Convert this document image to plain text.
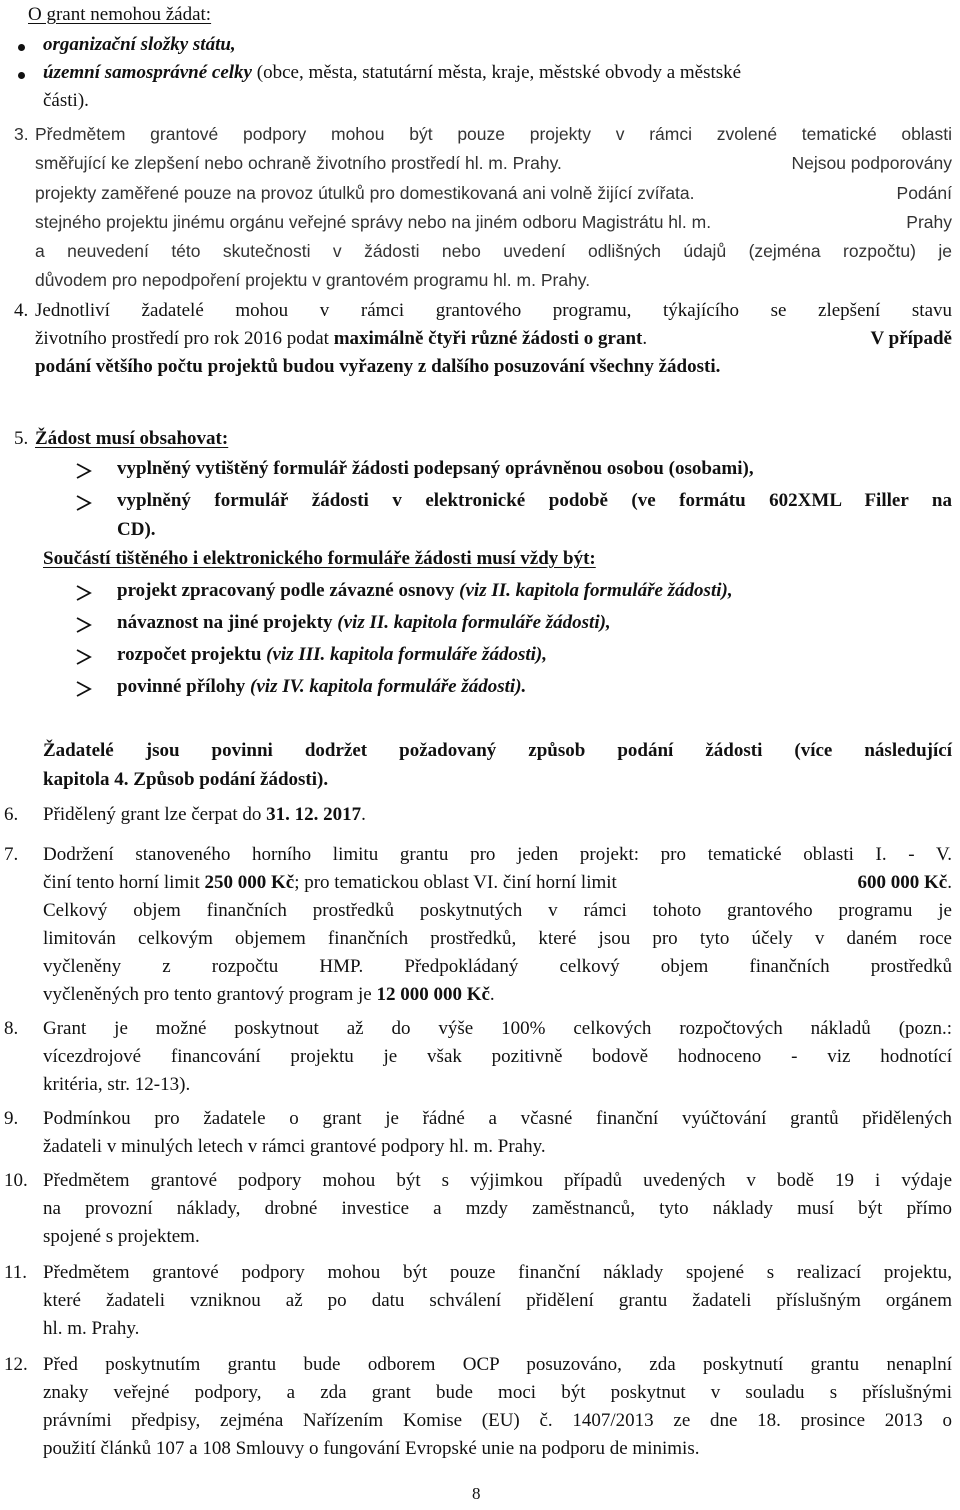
O grant nemohou žádat:
organizační složky státu,
územní samosprávné celky (obce, města, statutární města, kraje, městské obvody a městské
části).
3. Předmětem grantové podpory mohou být pouze projekty v rámci zvolené tematické oblasti
směřující ke zlepšení nebo ochraně životního prostředí hl. m. Prahy.	Nejsou podporovány
projekty zaměřené pouze na provoz útulků pro domestikovaná ani volně žijící zvířata.	Podání
stejného projektu jinému orgánu veřejné správy nebo na jiném odboru Magistrátu hl. m.	Prahy
a neuvedení této skutečnosti v žádosti nebo uvedení odlišných údajů (zejména rozpočtu) je
důvodem pro nepodpoření projektu v grantovém programu hl. m. Prahy.
4. Jednotliví žadatelé mohou v rámci grantového programu, týkajícího se zlepšení stavu
životního prostředí pro rok 2016 podat maximálně čtyři různé žádosti o grant.	V případě
podání většího počtu projektů budou vyřazeny z dalšího posuzování všechny žádosti.
5. Žádost musí obsahovat:
vyplněný vytištěný formulář žádosti podepsaný oprávněnou osobou (osobami),
vyplněný formulář žádosti v elektronické podobě (ve formátu 602XML Filler na
CD).
Součástí tištěného i elektronického formuláře žádosti musí vždy být:
projekt zpracovaný podle závazné osnovy (viz II. kapitola formuláře žádosti),
návaznost na jiné projekty (viz II. kapitola formuláře žádosti),
rozpočet projektu (viz III. kapitola formuláře žádosti),
povinné přílohy (viz IV. kapitola formuláře žádosti).
Žadatelé jsou povinni dodržet požadovaný způsob podání žádosti (více následující
kapitola 4. Způsob podání žádosti).
6. Přidělený grant lze čerpat do 31. 12. 2017.
7. Dodržení stanoveného horního limitu grantu pro jeden projekt: pro tematické oblasti I. - V.
činí tento horní limit 250 000 Kč; pro tematickou oblast VI. činí horní limit	600 000 Kč.
Celkový objem finančních prostředků poskytnutých v rámci tohoto grantového programu je
limitován celkovým objemem finančních prostředků, které jsou pro tyto účely v daném roce
vyčleněny z rozpočtu HMP. Předpokládaný celkový objem finančních prostředků
vyčleněných pro tento grantový program je 12 000 000 Kč.
8. Grant je možné poskytnout až do výše 100% celkových rozpočtových nákladů (pozn.:
vícezdrojové financování projektu je však pozitivně bodově hodnoceno - viz hodnotící
kritéria, str. 12-13).
9. Podmínkou pro žadatele o grant je řádné a včasné finanční vyúčtování grantů přidělených
žadateli v minulých letech v rámci grantové podpory hl. m. Prahy.
10. Předmětem grantové podpory mohou být s výjimkou případů uvedených v bodě 19 i výdaje
na provozní náklady, drobné investice a mzdy zaměstnanců, tyto náklady musí být přímo
spojené s projektem.
11. Předmětem grantové podpory mohou být pouze finanční náklady spojené s realizací projektu,
které žadateli vzniknou až po datu schválení přidělení grantu žadateli příslušným orgánem
hl. m. Prahy.
12. Před poskytnutím grantu bude odborem OCP posuzováno, zda poskytnutí grantu nenaplní
znaky veřejné podpory, a zda grant bude moci být poskytnut v souladu s příslušnými
právními předpisy, zejména Nařízením Komise (EU) č. 1407/2013 ze dne 18. prosince 2013 o
použití článků 107 a 108 Smlouvy o fungování Evropské unie na podporu de minimis.
8
